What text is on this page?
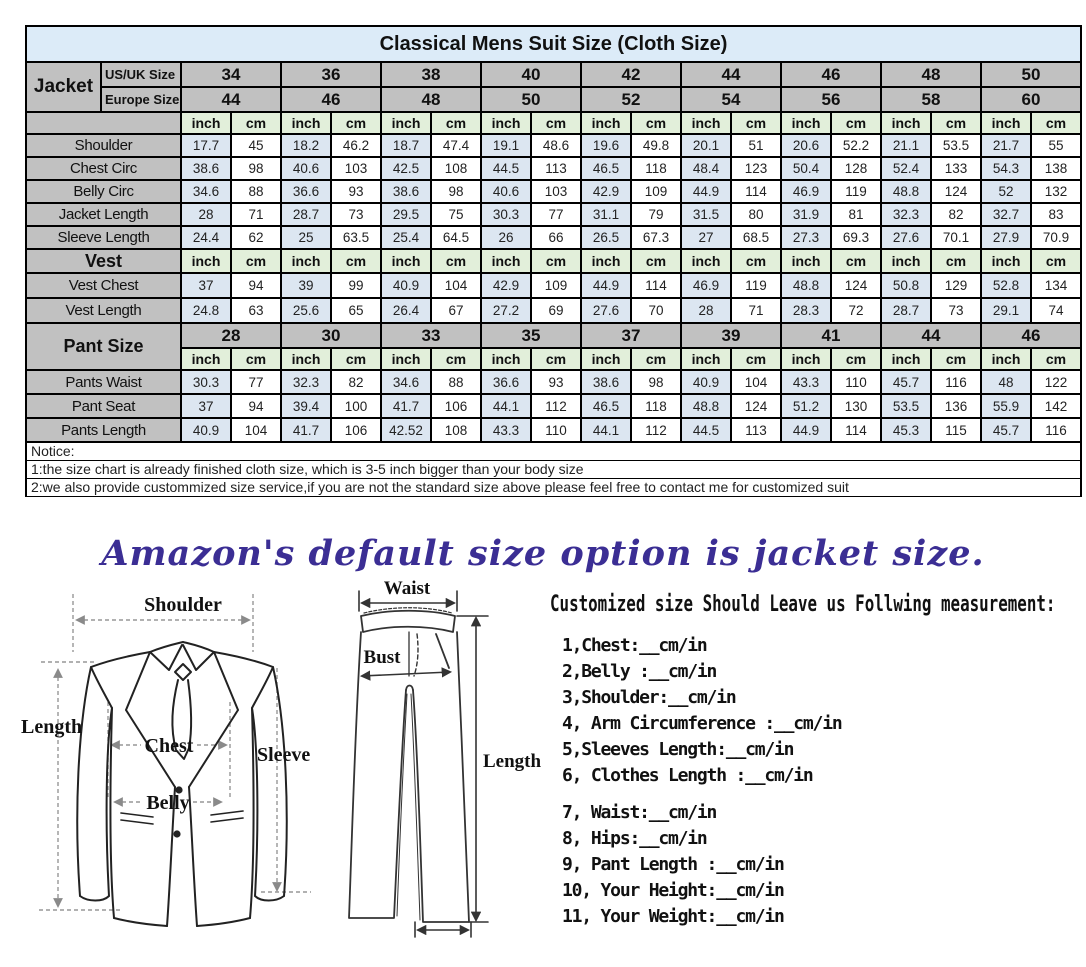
Classical Mens Suit Size (Cloth Size)																			
Jacket	US/UK Size	34		36		38		40		42		44		46		48		50	
	Europe Size	44		46		48		50		52		54		56		58		60	
		inch	cm	inch	cm	inch	cm	inch	cm	inch	cm	inch	cm	inch	cm	inch	cm	inch	cm
Shoulder		17.7	45	18.2	46.2	18.7	47.4	19.1	48.6	19.6	49.8	20.1	51	20.6	52.2	21.1	53.5	21.7	55
Chest Circ		38.6	98	40.6	103	42.5	108	44.5	113	46.5	118	48.4	123	50.4	128	52.4	133	54.3	138
Belly Circ		34.6	88	36.6	93	38.6	98	40.6	103	42.9	109	44.9	114	46.9	119	48.8	124	52	132
Jacket Length		28	71	28.7	73	29.5	75	30.3	77	31.1	79	31.5	80	31.9	81	32.3	82	32.7	83
Sleeve Length		24.4	62	25	63.5	25.4	64.5	26	66	26.5	67.3	27	68.5	27.3	69.3	27.6	70.1	27.9	70.9
Vest		inch	cm	inch	cm	inch	cm	inch	cm	inch	cm	inch	cm	inch	cm	inch	cm	inch	cm
Vest Chest		37	94	39	99	40.9	104	42.9	109	44.9	114	46.9	119	48.8	124	50.8	129	52.8	134
Vest Length		24.8	63	25.6	65	26.4	67	27.2	69	27.6	70	28	71	28.3	72	28.7	73	29.1	74
Pant Size		28		30		33		35		37		39		41		44		46	
		inch	cm	inch	cm	inch	cm	inch	cm	inch	cm	inch	cm	inch	cm	inch	cm	inch	cm
Pants Waist		30.3	77	32.3	82	34.6	88	36.6	93	38.6	98	40.9	104	43.3	110	45.7	116	48	122
Pant Seat		37	94	39.4	100	41.7	106	44.1	112	46.5	118	48.8	124	51.2	130	53.5	136	55.9	142
Pants Length		40.9	104	41.7	106	42.52	108	43.3	110	44.1	112	44.5	113	44.9	114	45.3	115	45.7	116
Notice:																			
1:the size chart is already finished cloth size, which is 3-5 inch bigger than your body size																			
2:we also provide custommized size service,if you are not the standard size above please feel free to contact me for customized suit																			
Amazon's default size option is jacket size.
Shoulder
Length
Chest
Belly
Sleeve
Waist
Bust
Length
Customized size Should Leave us Follwing measurement:
1,Chest:__cm/in
2,Belly :__cm/in
3,Shoulder:__cm/in
4, Arm Circumference :__cm/in
5,Sleeves Length:__cm/in
6, Clothes Length :__cm/in
7, Waist:__cm/in
8, Hips:__cm/in
9, Pant Length :__cm/in
10, Your Height:__cm/in
11, Your Weight:__cm/in
